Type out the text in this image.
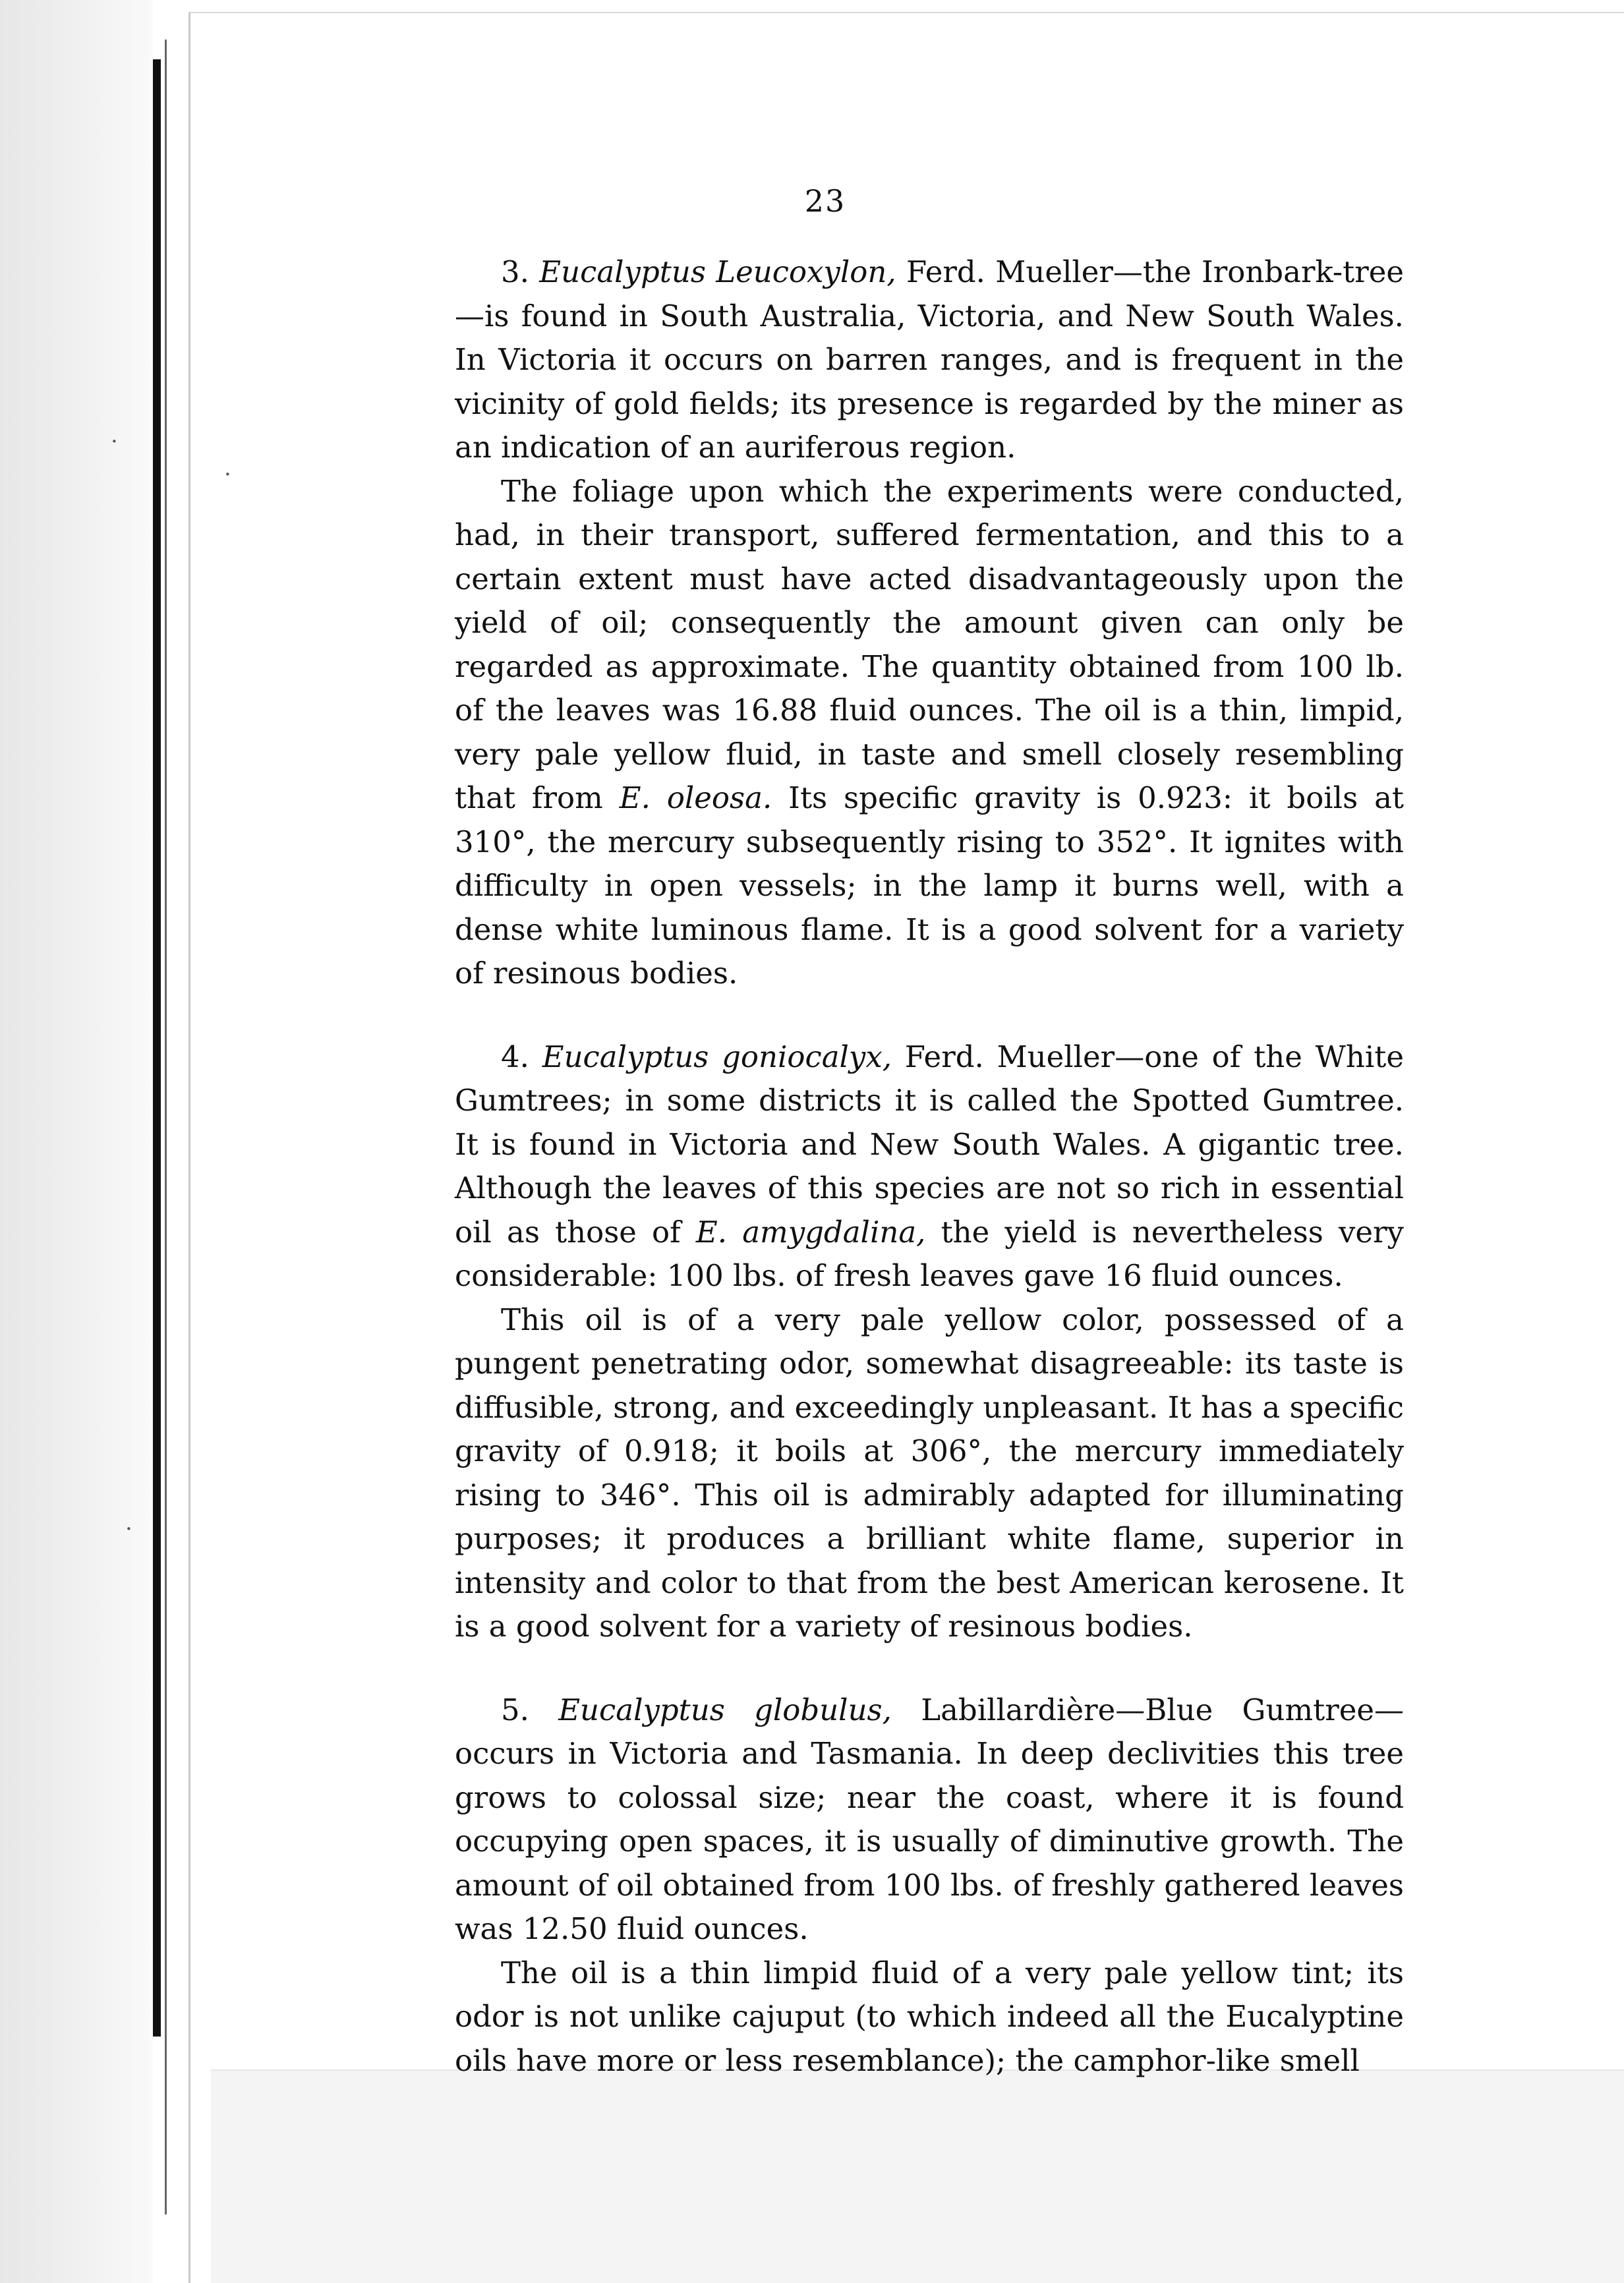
·
·
·
23

3. Eucalyptus Leucoxylon, Ferd. Mueller—the Ironbark-tree—is found in South Australia, Victoria, and New South Wales. In Victoria it occurs on barren ranges, and is frequent in the vicinity of gold fields; its presence is regarded by the miner as an indication of an auriferous region.

The foliage upon which the experiments were conducted, had, in their transport, suffered fermentation, and this to a certain extent must have acted disadvantageously upon the yield of oil; consequently the amount given can only be regarded as approximate. The quantity obtained from 100 lb. of the leaves was 16.88 fluid ounces. The oil is a thin, limpid, very pale yellow fluid, in taste and smell closely resembling that from E. oleosa. Its specific gravity is 0.923: it boils at 310°, the mercury subsequently rising to 352°. It ignites with difficulty in open vessels; in the lamp it burns well, with a dense white luminous flame. It is a good solvent for a variety of resinous bodies.

4. Eucalyptus goniocalyx, Ferd. Mueller—one of the White Gumtrees; in some districts it is called the Spotted Gumtree. It is found in Victoria and New South Wales. A gigantic tree. Although the leaves of this species are not so rich in essential oil as those of E. amygdalina, the yield is nevertheless very considerable: 100 lbs. of fresh leaves gave 16 fluid ounces.

This oil is of a very pale yellow color, possessed of a pungent penetrating odor, somewhat disagreeable: its taste is diffusible, strong, and exceedingly unpleasant. It has a specific gravity of 0.918; it boils at 306°, the mercury immediately rising to 346°. This oil is admirably adapted for illuminating purposes; it produces a brilliant white flame, superior in intensity and color to that from the best American kerosene. It is a good solvent for a variety of resinous bodies.

5. Eucalyptus globulus, Labillardière—Blue Gumtree—occurs in Victoria and Tasmania. In deep declivities this tree grows to colossal size; near the coast, where it is found occupying open spaces, it is usually of diminutive growth. The amount of oil obtained from 100 lbs. of freshly gathered leaves was 12.50 fluid ounces.

The oil is a thin limpid fluid of a very pale yellow tint; its odor is not unlike cajuput (to which indeed all the Eucalyptine oils have more or less resemblance); the camphor-like smell
